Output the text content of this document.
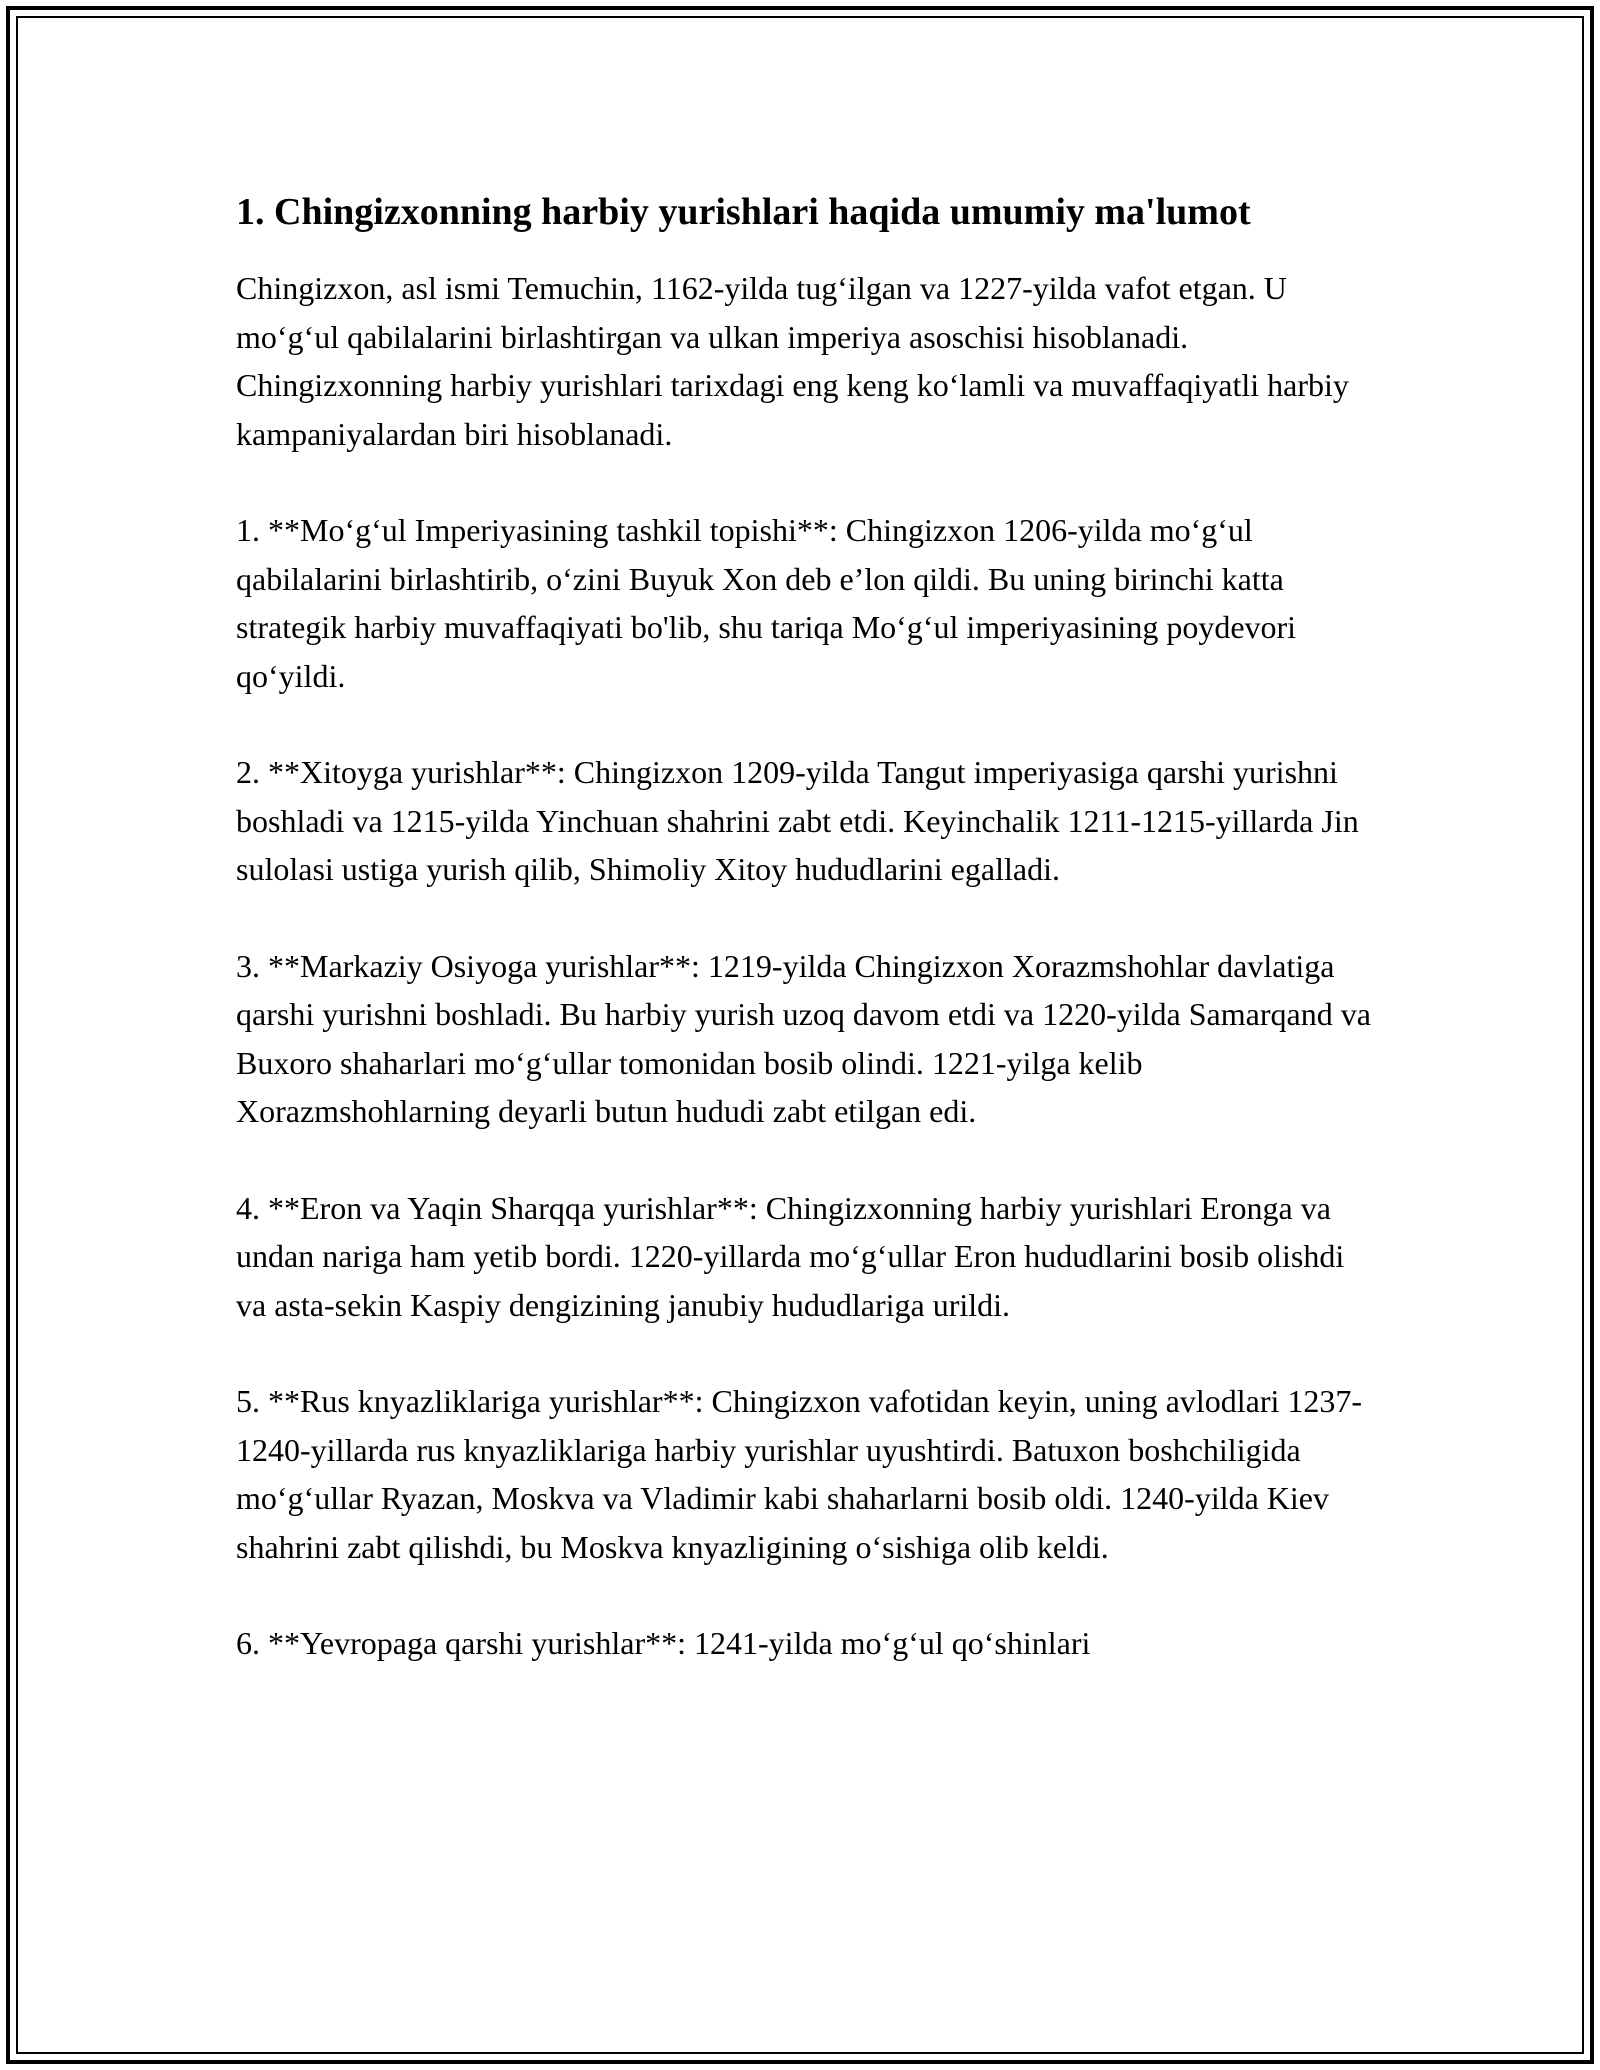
1. Chingizxonning harbiy yurishlari haqida umumiy ma'lumot

Chingizxon, asl ismi Temuchin, 1162-yilda tug‘ilgan va 1227-yilda vafot etgan. U mo‘g‘ul qabilalarini birlashtirgan va ulkan imperiya asoschisi hisoblanadi. Chingizxonning harbiy yurishlari tarixdagi eng keng ko‘lamli va muvaffaqiyatli harbiy kampaniyalardan biri hisoblanadi.

1. **Mo‘g‘ul Imperiyasining tashkil topishi**: Chingizxon 1206-yilda mo‘g‘ul qabilalarini birlashtirib, o‘zini Buyuk Xon deb e’lon qildi. Bu uning birinchi katta strategik harbiy muvaffaqiyati bo'lib, shu tariqa Mo‘g‘ul imperiyasining poydevori qo‘yildi.

2. **Xitoyga yurishlar**: Chingizxon 1209-yilda Tangut imperiyasiga qarshi yurishni boshladi va 1215-yilda Yinchuan shahrini zabt etdi. Keyinchalik 1211-1215-yillarda Jin sulolasi ustiga yurish qilib, Shimoliy Xitoy hududlarini egalladi.

3. **Markaziy Osiyoga yurishlar**: 1219-yilda Chingizxon Xorazmshohlar davlatiga qarshi yurishni boshladi. Bu harbiy yurish uzoq davom etdi va 1220-yilda Samarqand va Buxoro shaharlari mo‘g‘ullar tomonidan bosib olindi. 1221-yilga kelib Xorazmshohlarning deyarli butun hududi zabt etilgan edi.

4. **Eron va Yaqin Sharqqa yurishlar**: Chingizxonning harbiy yurishlari Eronga va undan nariga ham yetib bordi. 1220-yillarda mo‘g‘ullar Eron hududlarini bosib olishdi va asta-sekin Kaspiy dengizining janubiy hududlariga urildi.

5. **Rus knyazliklariga yurishlar**: Chingizxon vafotidan keyin, uning avlodlari 1237-1240-yillarda rus knyazliklariga harbiy yurishlar uyushtirdi. Batuxon boshchiligida mo‘g‘ullar Ryazan, Moskva va Vladimir kabi shaharlarni bosib oldi. 1240-yilda Kiev shahrini zabt qilishdi, bu Moskva knyazligining o‘sishiga olib keldi.

6. **Yevropaga qarshi yurishlar**: 1241-yilda mo‘g‘ul qo‘shinlari
